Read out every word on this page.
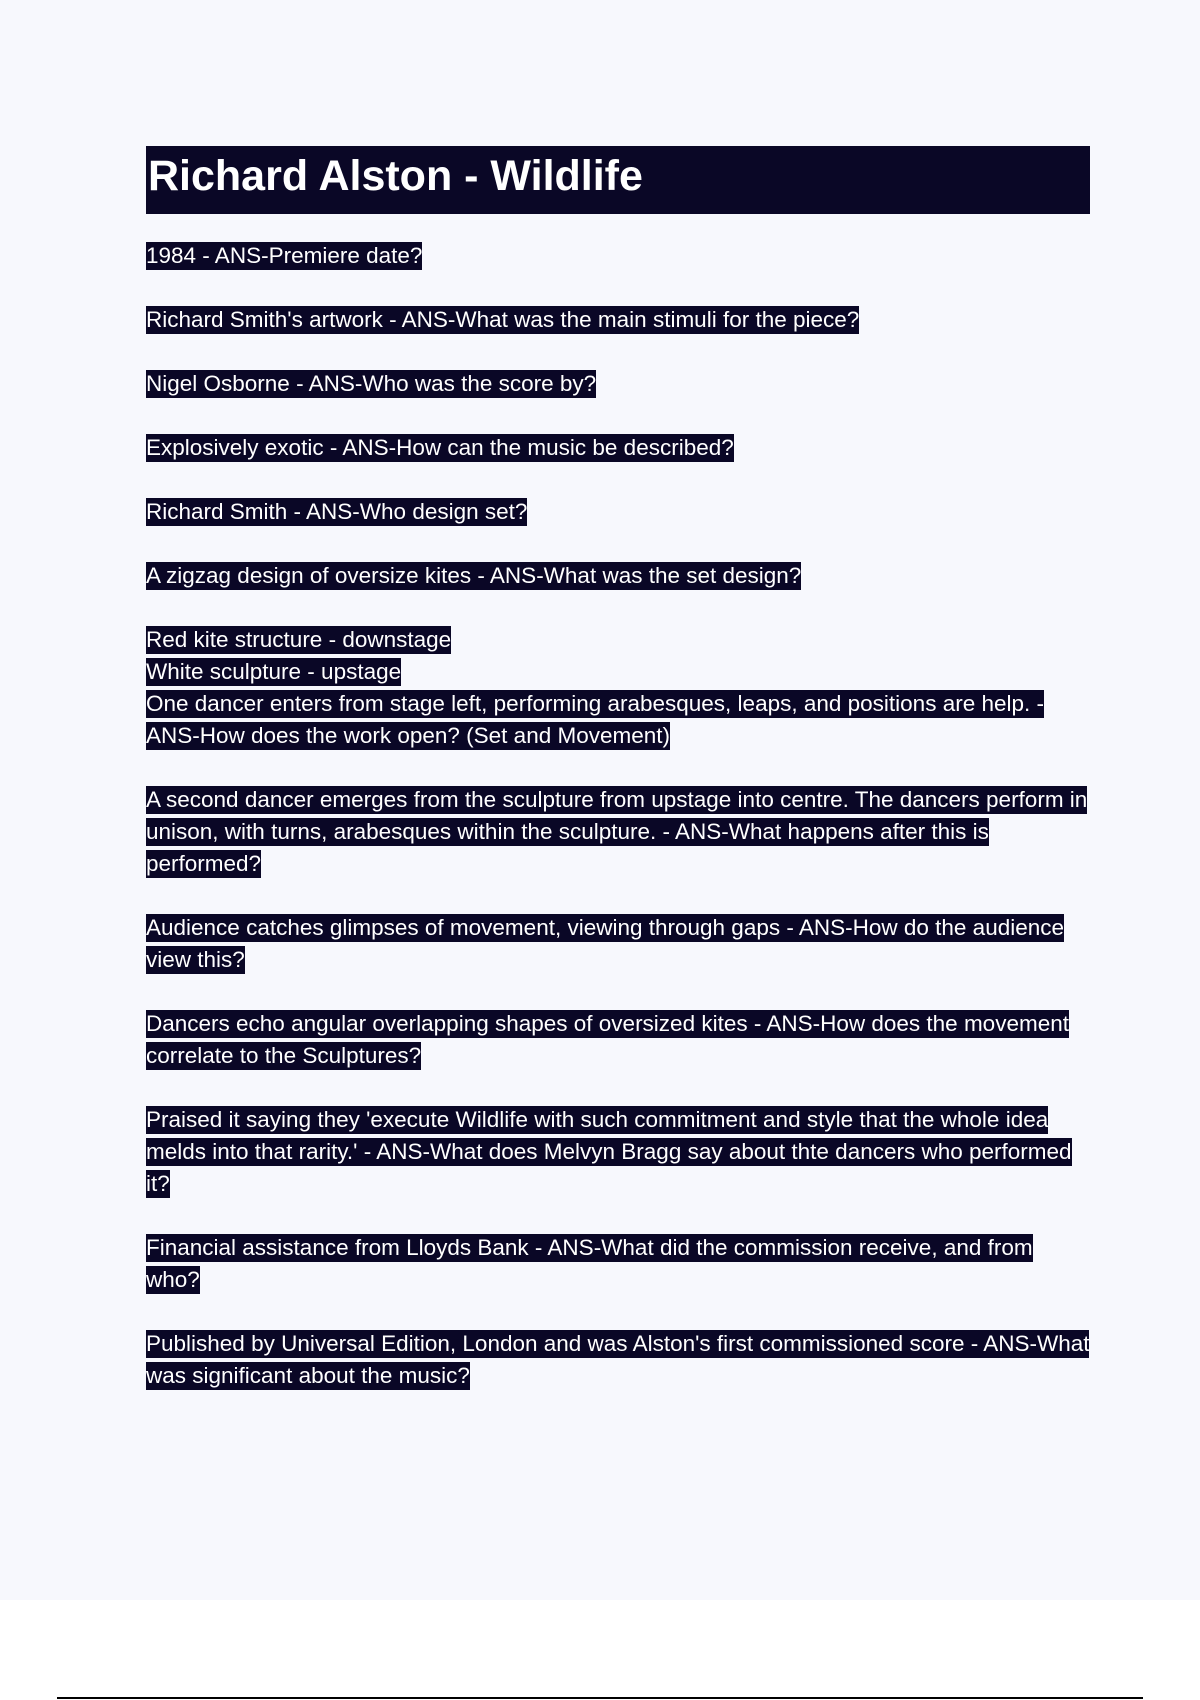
Richard Alston - Wildlife
1984 - ANS-Premiere date?
Richard Smith's artwork - ANS-What was the main stimuli for the piece?
Nigel Osborne - ANS-Who was the score by?
Explosively exotic - ANS-How can the music be described?
Richard Smith - ANS-Who design set?
A zigzag design of oversize kites - ANS-What was the set design?
Red kite structure - downstage
White sculpture - upstage
One dancer enters from stage left, performing arabesques, leaps, and positions are help. - ANS-How does the work open? (Set and Movement)
A second dancer emerges from the sculpture from upstage into centre. The dancers perform in unison, with turns, arabesques within the sculpture. - ANS-What happens after this is performed?
Audience catches glimpses of movement, viewing through gaps - ANS-How do the audience view this?
Dancers echo angular overlapping shapes of oversized kites - ANS-How does the movement correlate to the Sculptures?
Praised it saying they 'execute Wildlife with such commitment and style that the whole idea melds into that rarity.' - ANS-What does Melvyn Bragg say about thte dancers who performed it?
Financial assistance from Lloyds Bank - ANS-What did the commission receive, and from who?
Published by Universal Edition, London and was Alston's first commissioned score - ANS-What was significant about the music?
